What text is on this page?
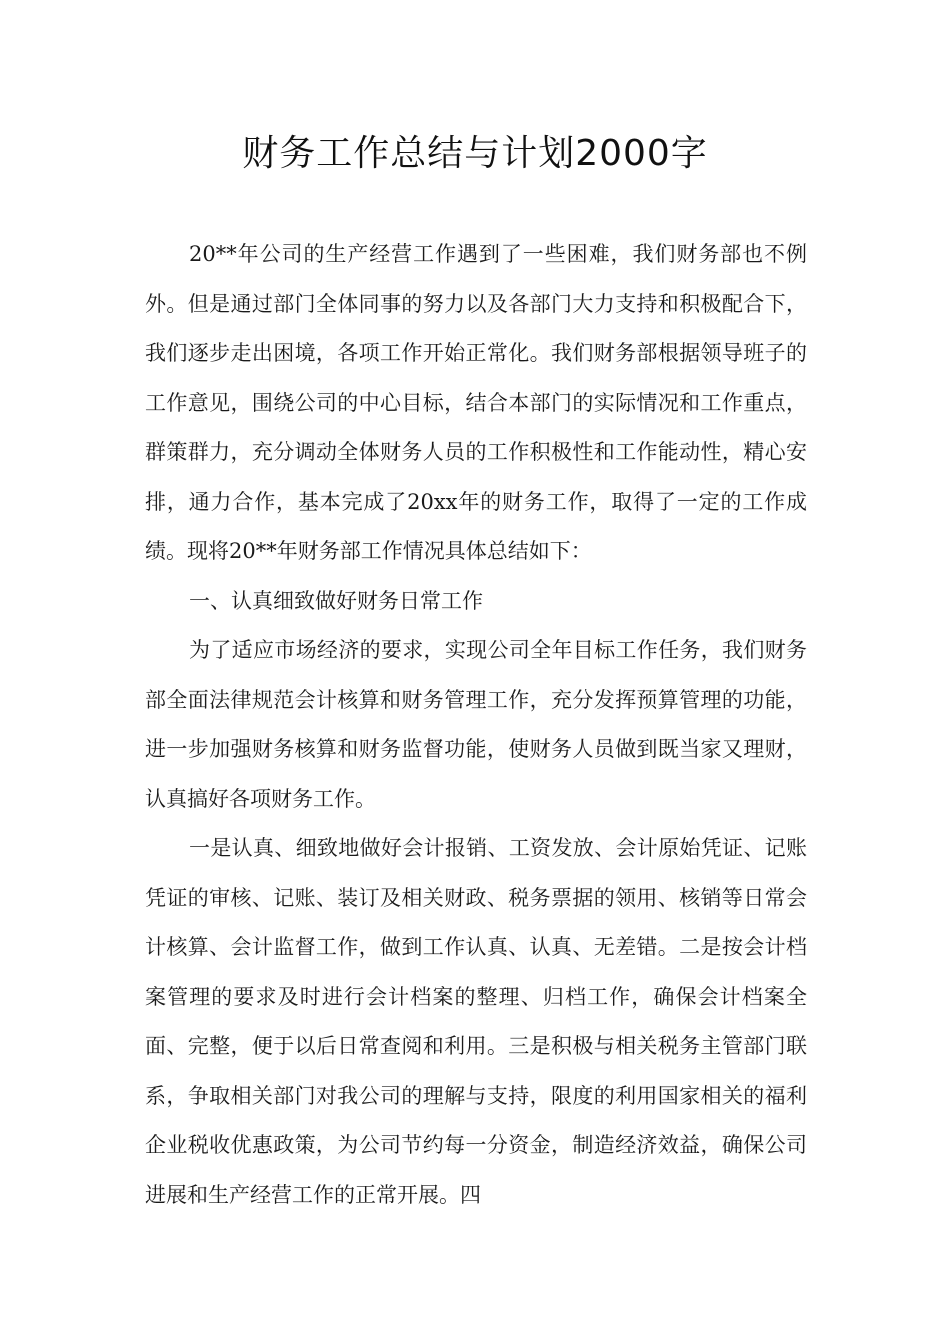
财务工作总结与计划2000字

20**年公司的生产经营工作遇到了一些困难，我们财务部也不例外。但是通过部门全体同事的努力以及各部门大力支持和积极配合下，我们逐步走出困境，各项工作开始正常化。我们财务部根据领导班子的工作意见，围绕公司的中心目标，结合本部门的实际情况和工作重点，群策群力，充分调动全体财务人员的工作积极性和工作能动性，精心安排，通力合作，基本完成了20xx年的财务工作，取得了一定的工作成绩。现将20**年财务部工作情况具体总结如下：

一、认真细致做好财务日常工作

为了适应市场经济的要求，实现公司全年目标工作任务，我们财务部全面法律规范会计核算和财务管理工作，充分发挥预算管理的功能，进一步加强财务核算和财务监督功能，使财务人员做到既当家又理财，认真搞好各项财务工作。

一是认真、细致地做好会计报销、工资发放、会计原始凭证、记账凭证的审核、记账、装订及相关财政、税务票据的领用、核销等日常会计核算、会计监督工作，做到工作认真、认真、无差错。二是按会计档案管理的要求及时进行会计档案的整理、归档工作，确保会计档案全面、完整，便于以后日常查阅和利用。三是积极与相关税务主管部门联系，争取相关部门对我公司的理解与支持，限度的利用国家相关的福利企业税收优惠政策，为公司节约每一分资金，制造经济效益，确保公司进展和生产经营工作的正常开展。四
